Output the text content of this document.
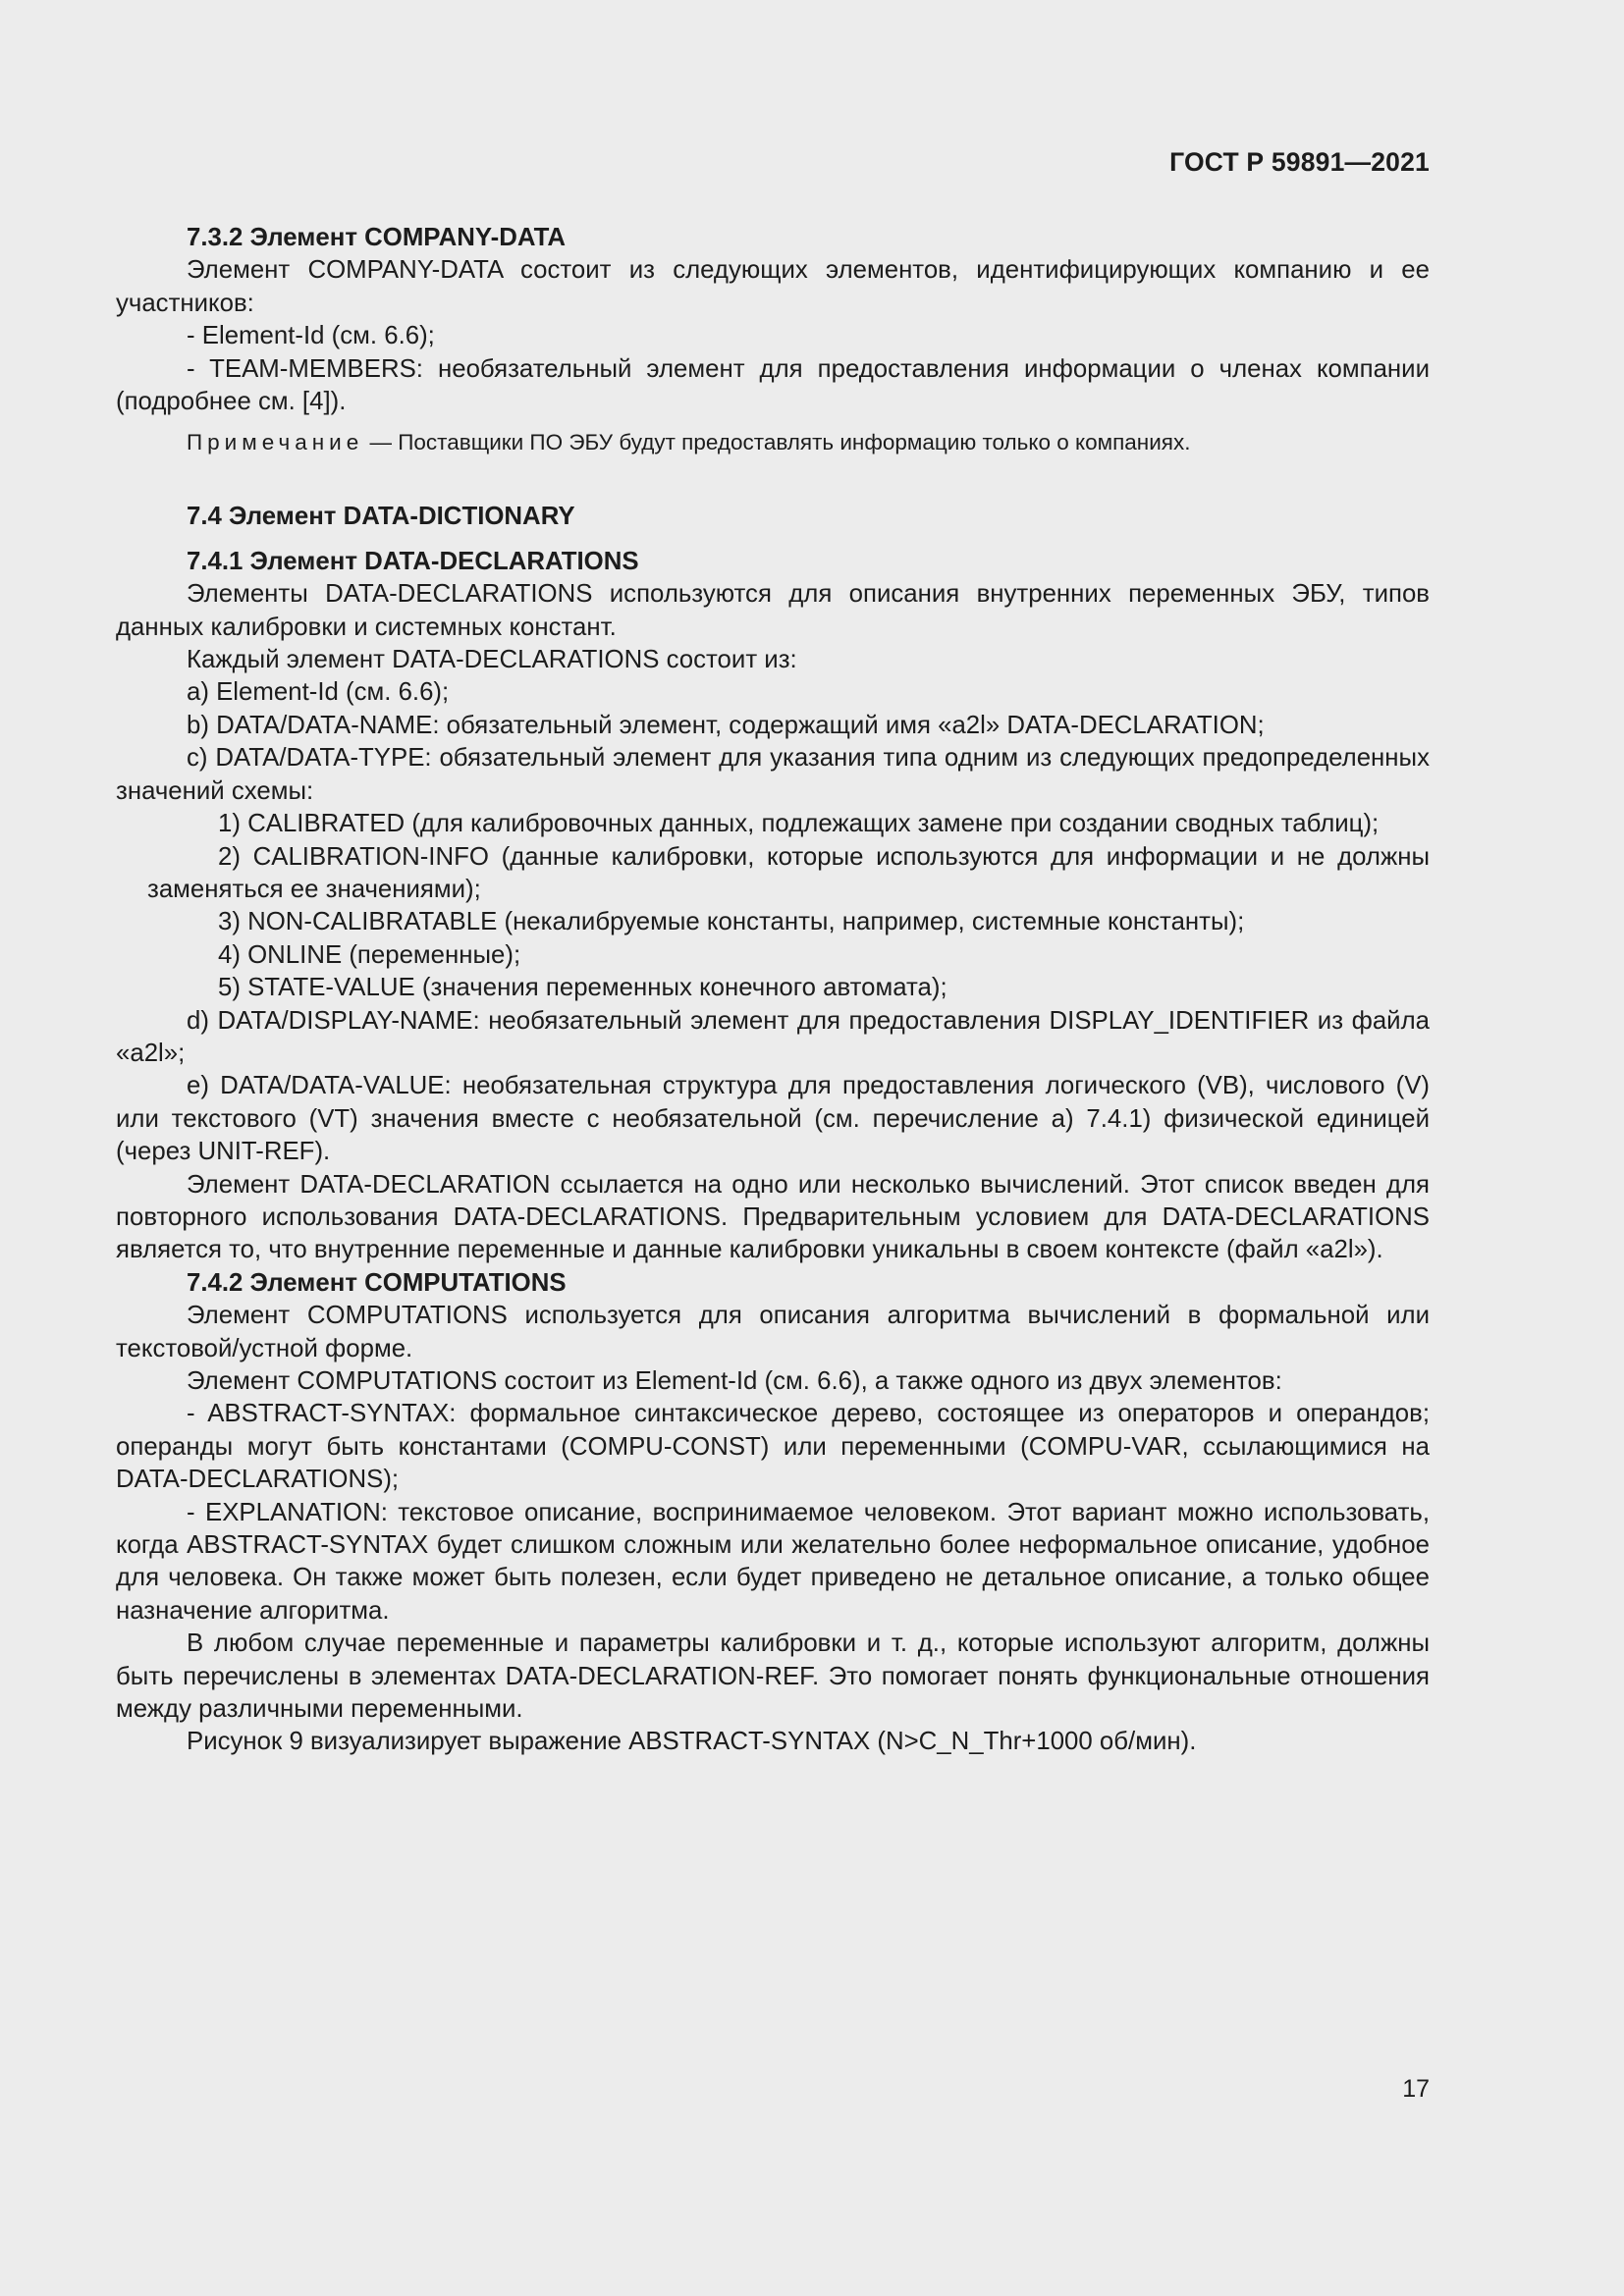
ГОСТ Р 59891—2021

7.3.2 Элемент COMPANY-DATA

Элемент COMPANY-DATA состоит из следующих элементов, идентифицирующих компанию и ее участников:

- Element-Id (см. 6.6);

- TEAM-MEMBERS: необязательный элемент для предоставления информации о членах компании (подробнее см. [4]).

Примечание — Поставщики ПО ЭБУ будут предоставлять информацию только о компаниях.

7.4 Элемент DATA-DICTIONARY

7.4.1 Элемент DATA-DECLARATIONS

Элементы DATA-DECLARATIONS используются для описания внутренних переменных ЭБУ, типов данных калибровки и системных констант.

Каждый элемент DATA-DECLARATIONS состоит из:

a) Element-Id (см. 6.6);

b) DATA/DATA-NAME: обязательный элемент, содержащий имя «a2l» DATA-DECLARATION;

c) DATA/DATA-TYPE: обязательный элемент для указания типа одним из следующих предопределенных значений схемы:

1) CALIBRATED (для калибровочных данных, подлежащих замене при создании сводных таблиц);

2) CALIBRATION-INFO (данные калибровки, которые используются для информации и не должны заменяться ее значениями);

3) NON-CALIBRATABLE (некалибруемые константы, например, системные константы);

4) ONLINE (переменные);

5) STATE-VALUE (значения переменных конечного автомата);

d) DATA/DISPLAY-NAME: необязательный элемент для предоставления DISPLAY_IDENTIFIER из файла «a2l»;

e) DATA/DATA-VALUE: необязательная структура для предоставления логического (VB), числового (V) или текстового (VT) значения вместе с необязательной (см. перечисление a) 7.4.1) физической единицей (через UNIT-REF).

Элемент DATA-DECLARATION ссылается на одно или несколько вычислений. Этот список введен для повторного использования DATA-DECLARATIONS. Предварительным условием для DATA-DECLARATIONS является то, что внутренние переменные и данные калибровки уникальны в своем контексте (файл «a2l»).

7.4.2 Элемент COMPUTATIONS

Элемент COMPUTATIONS используется для описания алгоритма вычислений в формальной или текстовой/устной форме.

Элемент COMPUTATIONS состоит из Element-Id (см. 6.6), а также одного из двух элементов:

- ABSTRACT-SYNTAX: формальное синтаксическое дерево, состоящее из операторов и операндов; операнды могут быть константами (COMPU-CONST) или переменными (COMPU-VAR, ссылающимися на DATA-DECLARATIONS);

- EXPLANATION: текстовое описание, воспринимаемое человеком. Этот вариант можно использовать, когда ABSTRACT-SYNTAX будет слишком сложным или желательно более неформальное описание, удобное для человека. Он также может быть полезен, если будет приведено не детальное описание, а только общее назначение алгоритма.

В любом случае переменные и параметры калибровки и т. д., которые используют алгоритм, должны быть перечислены в элементах DATA-DECLARATION-REF. Это помогает понять функциональные отношения между различными переменными.

Рисунок 9 визуализирует выражение ABSTRACT-SYNTAX (N>C_N_Thr+1000 об/мин).

17
